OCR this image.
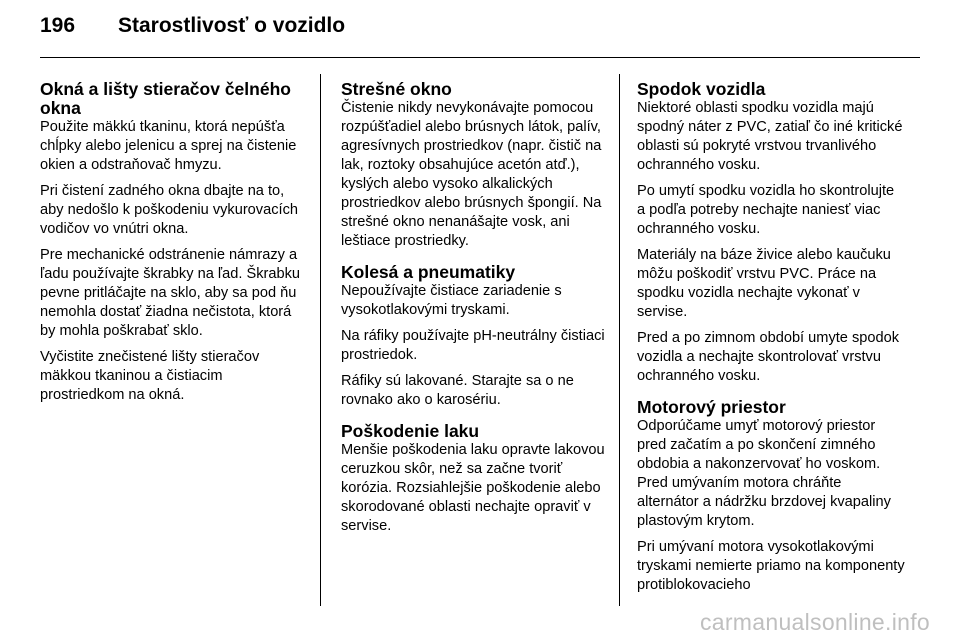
196	Starostlivosť o vozidlo
Okná a lišty stieračov čelného okna

Použite mäkkú tkaninu, ktorá nepúšťa chĺpky alebo jelenicu a sprej na čistenie okien a odstraňovač hmyzu.

Pri čistení zadného okna dbajte na to, aby nedošlo k poškodeniu vykurovacích vodičov vo vnútri okna.

Pre mechanické odstránenie námrazy a ľadu používajte škrabky na ľad. Škrabku pevne pritláčajte na sklo, aby sa pod ňu nemohla dostať žiadna nečistota, ktorá by mohla poškrabať sklo.

Vyčistite znečistené lišty stieračov mäkkou tkaninou a čistiacim prostriedkom na okná.

Strešné okno

Čistenie nikdy nevykonávajte pomocou rozpúšťadiel alebo brúsnych látok, palív, agresívnych prostriedkov (napr. čistič na lak, roztoky obsahujúce acetón atď.), kyslých alebo vysoko alkalických prostriedkov alebo brúsnych špongií. Na strešné okno nenanášajte vosk, ani leštiace prostriedky.

Kolesá a pneumatiky

Nepoužívajte čistiace zariadenie s vysokotlakovými tryskami.

Na ráfiky používajte pH-neutrálny čistiaci prostriedok.

Ráfiky sú lakované. Starajte sa o ne rovnako ako o karosériu.

Poškodenie laku

Menšie poškodenia laku opravte lakovou ceruzkou skôr, než sa začne tvoriť korózia. Rozsiahlejšie poškodenie alebo skorodované oblasti nechajte opraviť v servise.

Spodok vozidla

Niektoré oblasti spodku vozidla majú spodný náter z PVC, zatiaľ čo iné kritické oblasti sú pokryté vrstvou trvanlivého ochranného vosku.

Po umytí spodku vozidla ho skontrolujte a podľa potreby nechajte naniesť viac ochranného vosku.

Materiály na báze živice alebo kaučuku môžu poškodiť vrstvu PVC. Práce na spodku vozidla nechajte vykonať v servise.

Pred a po zimnom období umyte spodok vozidla a nechajte skontrolovať vrstvu ochranného vosku.

Motorový priestor

Odporúčame umyť motorový priestor pred začatím a po skončení zimného obdobia a nakonzervovať ho voskom. Pred umývaním motora chráňte alternátor a nádržku brzdovej kvapaliny plastovým krytom.

Pri umývaní motora vysokotlakovými tryskami nemierte priamo na komponenty protiblokovacieho

carmanualsonline.info
